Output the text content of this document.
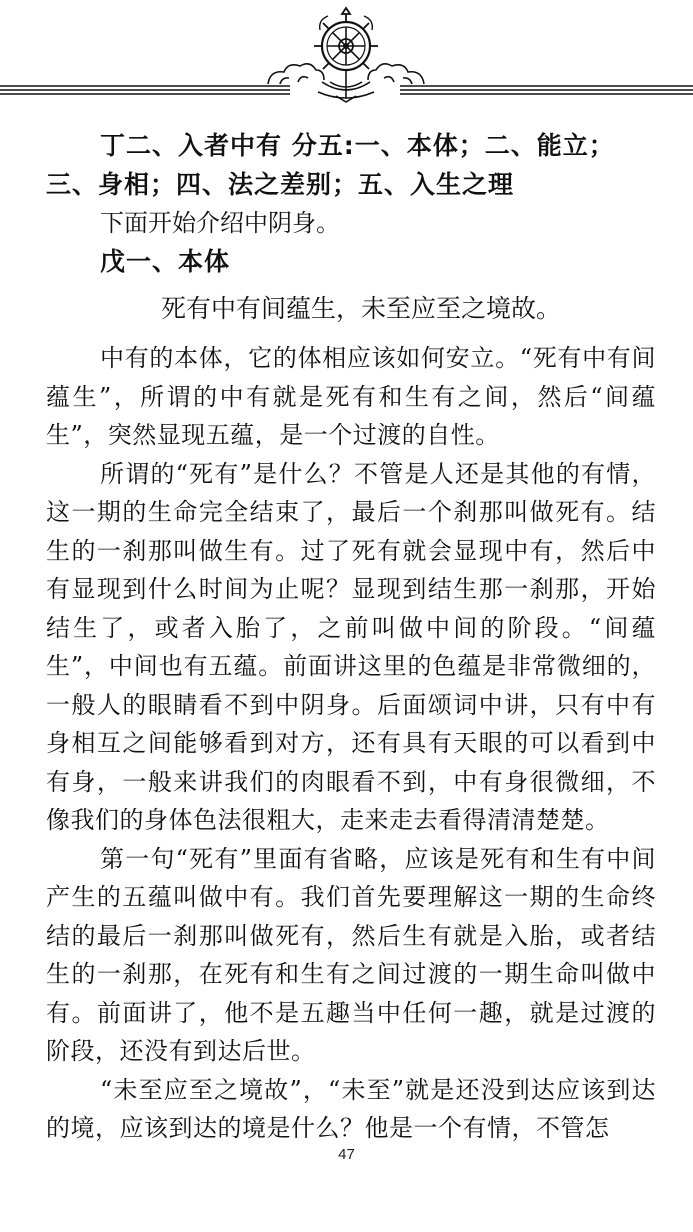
丁二、入者中有 分五:一、本体；二、能立；三、身相；四、法之差别；五、入生之理

下面开始介绍中阴身。

戊一、本体

死有中有间蕴生，未至应至之境故。

中有的本体，它的体相应该如何安立。“死有中有间蕴生”，所谓的中有就是死有和生有之间，然后“间蕴生”，突然显现五蕴，是一个过渡的自性。

所谓的“死有”是什么？不管是人还是其他的有情，这一期的生命完全结束了，最后一个刹那叫做死有。结生的一刹那叫做生有。过了死有就会显现中有，然后中有显现到什么时间为止呢？显现到结生那一刹那，开始结生了，或者入胎了，之前叫做中间的阶段。“间蕴生”，中间也有五蕴。前面讲这里的色蕴是非常微细的，一般人的眼睛看不到中阴身。后面颂词中讲，只有中有身相互之间能够看到对方，还有具有天眼的可以看到中有身，一般来讲我们的肉眼看不到，中有身很微细，不像我们的身体色法很粗大，走来走去看得清清楚楚。

第一句“死有”里面有省略，应该是死有和生有中间产生的五蕴叫做中有。我们首先要理解这一期的生命终结的最后一刹那叫做死有，然后生有就是入胎，或者结生的一刹那，在死有和生有之间过渡的一期生命叫做中有。前面讲了，他不是五趣当中任何一趣，就是过渡的阶段，还没有到达后世。

“未至应至之境故”，“未至”就是还没到达应该到达的境，应该到达的境是什么？他是一个有情，不管怎

47
